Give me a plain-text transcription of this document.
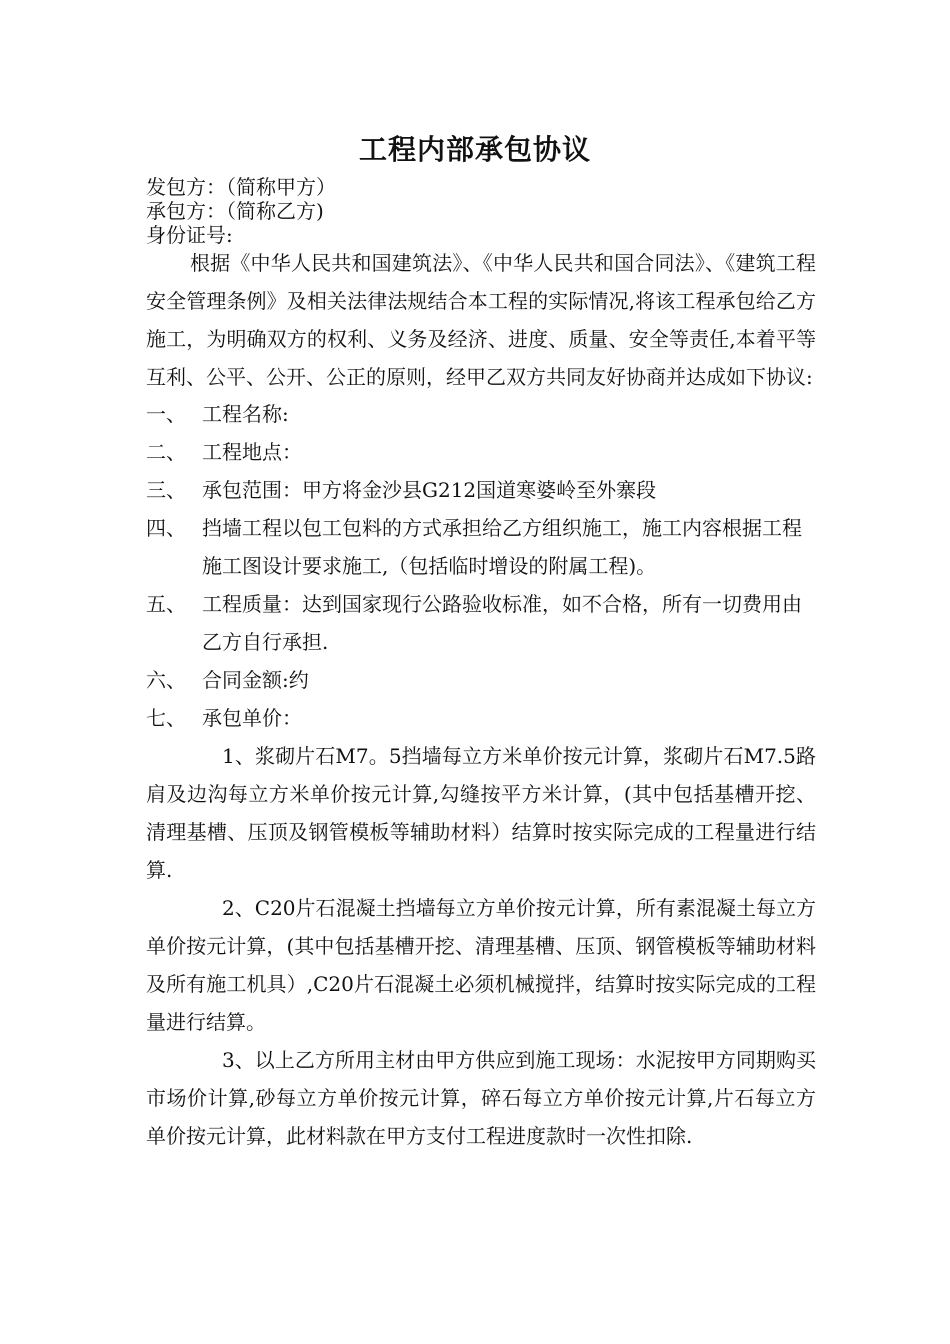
工程内部承包协议
发包方：（简称甲方）
承包方：（简称乙方)
身份证号:

根据《中华人民共和国建筑法》、《中华人民共和国合同法》、《建筑工程安全管理条例》及相关法律法规结合本工程的实际情况,将该工程承包给乙方施工，为明确双方的权利、义务及经济、进度、质量、安全等责任,本着平等互利、公平、公开、公正的原则，经甲乙双方共同友好协商并达成如下协议:

一、 工程名称:
二、 工程地点：
三、 承包范围：甲方将金沙县G212国道寒婆岭至外寨段
四、 挡墙工程以包工包料的方式承担给乙方组织施工，施工内容根据工程施工图设计要求施工,（包括临时增设的附属工程)。
五、 工程质量：达到国家现行公路验收标准，如不合格，所有一切费用由乙方自行承担.
六、 合同金额:约
七、 承包单价：

1、浆砌片石M7。5挡墙每立方米单价按元计算，浆砌片石M7.5路肩及边沟每立方米单价按元计算,勾缝按平方米计算，(其中包括基槽开挖、清理基槽、压顶及钢管模板等辅助材料）结算时按实际完成的工程量进行结算.

2、C20片石混凝土挡墙每立方单价按元计算，所有素混凝土每立方单价按元计算，(其中包括基槽开挖、清理基槽、压顶、钢管模板等辅助材料及所有施工机具）,C20片石混凝土必须机械搅拌，结算时按实际完成的工程量进行结算。

3、以上乙方所用主材由甲方供应到施工现场：水泥按甲方同期购买市场价计算,砂每立方单价按元计算，碎石每立方单价按元计算,片石每立方单价按元计算，此材料款在甲方支付工程进度款时一次性扣除.
